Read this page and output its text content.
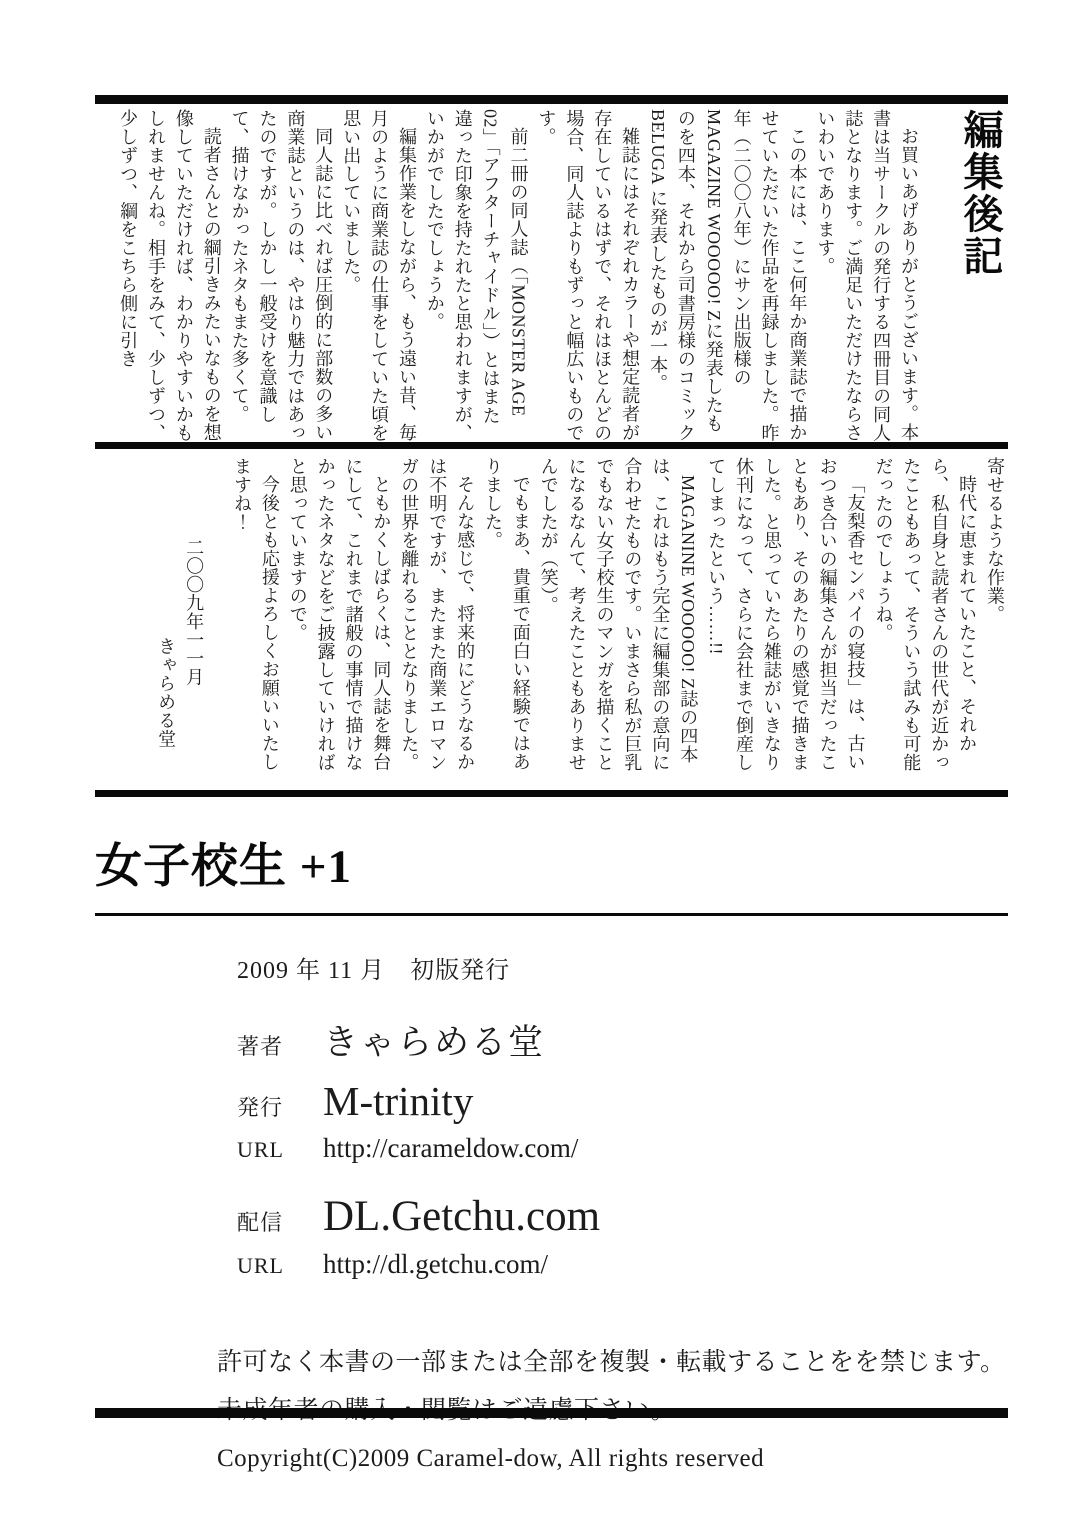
編集後記

お買いあげありがとうございます。本書は当サークルの発行する四冊目の同人誌となります。ご満足いただけたならさいわいであります。

この本には、ここ何年か商業誌で描かせていただいた作品を再録しました。昨年（二〇〇八年）にサン出版様のMAGAZINE WOOOOO! Zに発表したものを四本、それから司書房様のコミック BELUGA に発表したものが一本。

雑誌にはそれぞれカラーや想定読者が存在しているはずで、それはほとんどの場合、同人誌よりもずっと幅広いものです。

前二冊の同人誌（「MONSTER AGE 02」「アフターチャイドル」）とはまた違った印象を持たれたと思われますが、いかがでしたでしょうか。

編集作業をしながら、もう遠い昔、毎月のように商業誌の仕事をしていた頃を思い出していました。

同人誌に比べれば圧倒的に部数の多い商業誌というのは、やはり魅力ではあったのですが。しかし一般受けを意識して、描けなかったネタもまた多くて。

読者さんとの綱引きみたいなものを想像していただければ、わかりやすいかもしれませんね。相手をみて、少しずつ、少しずつ、綱をこちら側に引き

寄せるような作業。

時代に恵まれていたこと、それから、私自身と読者さんの世代が近かったこともあって、そういう試みも可能だったのでしょうね。

「友梨香センパイの寝技」は、古いおつき合いの編集さんが担当だったこともあり、そのあたりの感覚で描きました。と思っていたら雑誌がいきなり休刊になって、さらに会社まで倒産してしまったという……!!

MAGANINE WOOOOO! Z誌の四本は、これはもう完全に編集部の意向に合わせたものです。いまさら私が巨乳でもない女子校生のマンガを描くことになるなんて、考えたこともありませんでしたが（笑）。

でもまあ、貴重で面白い経験ではありました。

そんな感じで、将来的にどうなるかは不明ですが、またまた商業エロマンガの世界を離れることとなりました。

ともかくしばらくは、同人誌を舞台にして、これまで諸般の事情で描けなかったネタなどをご披露していければと思っていますので。

今後とも応援よろしくお願いいたしますね！

二〇〇九年一一月

きゃらめる堂

女子校生 +1
2009 年 11 月　初版発行
著者	きゃらめる堂
発行 M-trinity
URL	http://carameldow.com/
配信 DL.Getchu.com
URL	http://dl.getchu.com/

許可なく本書の一部または全部を複製・転載することをを禁じます。

Copyright(C)2009 Caramel-dow, All rights reserved
